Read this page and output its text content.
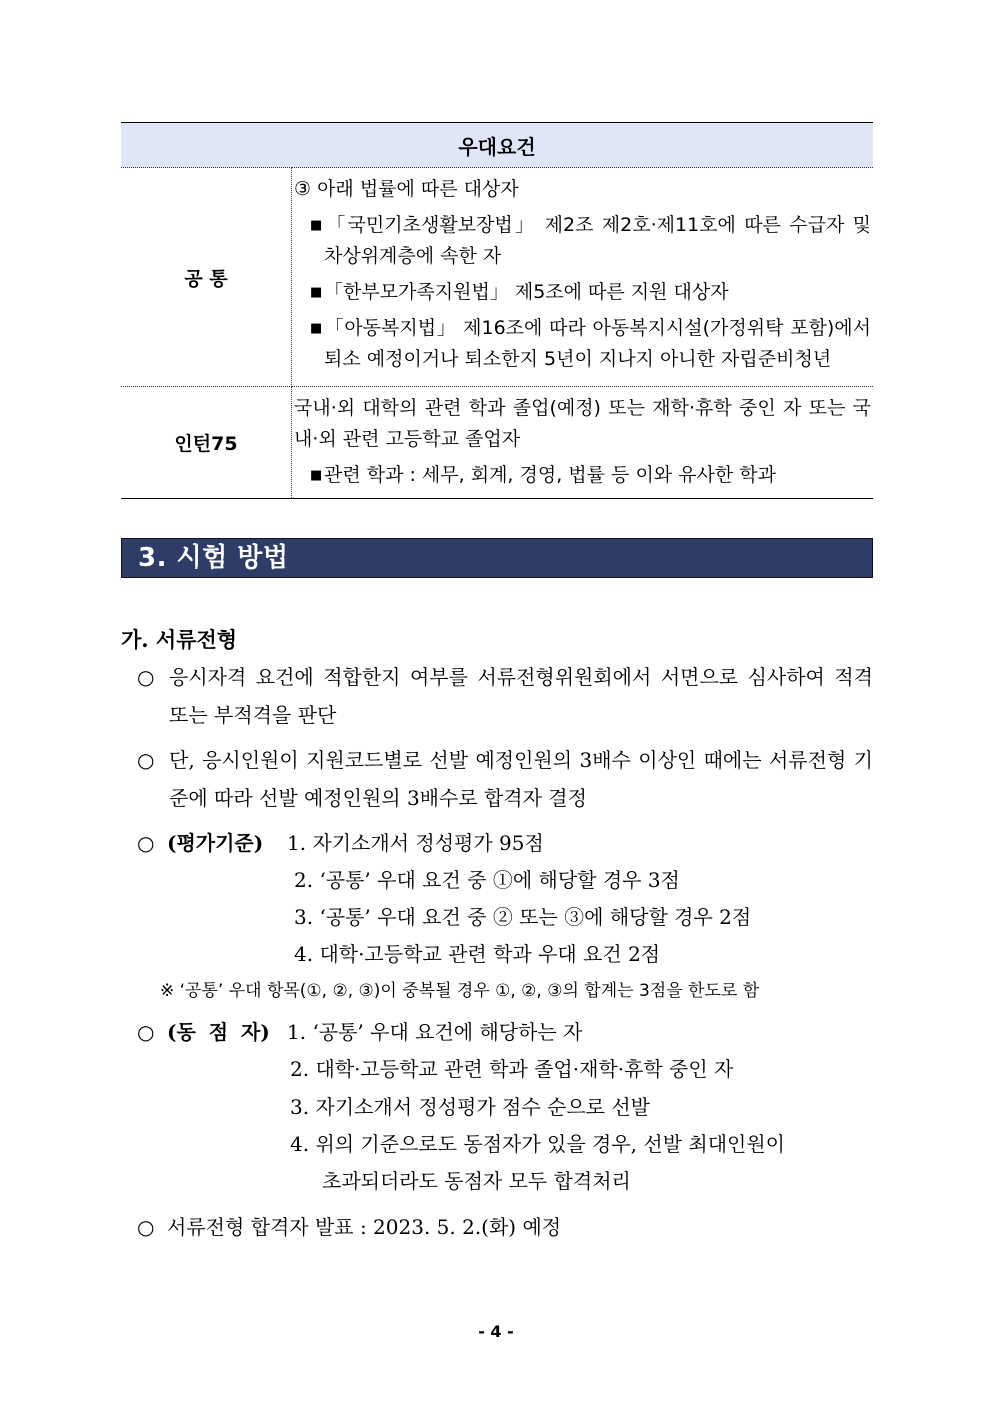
우대요건	
공 통	③ 아래 법률에 따른 대상자
■ 「국민기초생활보장법」 제2조 제2호·제11호에 따른 수급자 및 차상위계층에 속한 자
■ 「한부모가족지원법」 제5조에 따른 지원 대상자
■ 「아동복지법」 제16조에 따라 아동복지시설(가정위탁 포함)에서 퇴소 예정이거나 퇴소한지 5년이 지나지 아니한 자립준비청년

인턴75	국내·외 대학의 관련 학과 졸업(예정) 또는 재학·휴학 중인 자 또는 국내·외 관련 고등학교 졸업자
■ 관련 학과 : 세무, 회계, 경영, 법률 등 이와 유사한 학과
3. 시험 방법
가. 서류전형
○ 응시자격 요건에 적합한지 여부를 서류전형위원회에서 서면으로 심사하여 적격 또는 부적격을 판단
○ 단, 응시인원이 지원코드별로 선발 예정인원의 3배수 이상인 때에는 서류전형 기준에 따라 선발 예정인원의 3배수로 합격자 결정
○ (평가기준) 1. 자기소개서 정성평가 95점
2. ‘공통’ 우대 요건 중 ①에 해당할 경우 3점
3. ‘공통’ 우대 요건 중 ② 또는 ③에 해당할 경우 2점
4. 대학·고등학교 관련 학과 우대 요건 2점
※ ‘공통’ 우대 항목(①, ②, ③)이 중복될 경우 ①, ②, ③의 합계는 3점을 한도로 함
○ (동 점 자) 1. ‘공통’ 우대 요건에 해당하는 자
2. 대학·고등학교 관련 학과 졸업·재학·휴학 중인 자
3. 자기소개서 정성평가 점수 순으로 선발
4. 위의 기준으로도 동점자가 있을 경우, 선발 최대인원이
초과되더라도 동점자 모두 합격처리
○ 서류전형 합격자 발표 : 2023. 5. 2.(화) 예정
- 4 -
